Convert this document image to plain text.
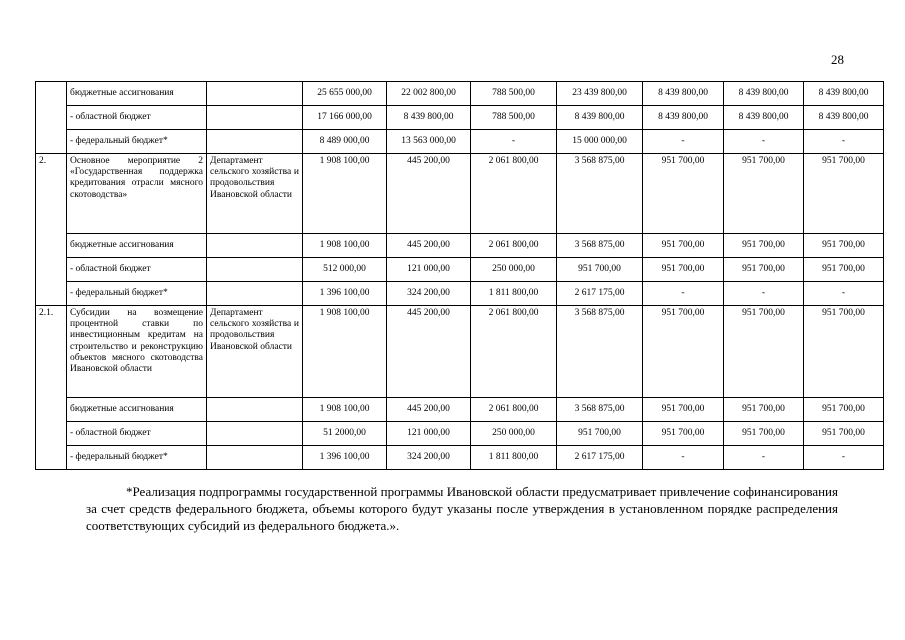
28
	бюджетные ассигнования		25 655 000,00	22 002 800,00	788 500,00	23 439 800,00	8 439 800,00	8 439 800,00	8 439 800,00
	- областной бюджет		17 166 000,00	8 439 800,00	788 500,00	8 439 800,00	8 439 800,00	8 439 800,00	8 439 800,00
	- федеральный бюджет*		8 489 000,00	13 563 000,00	-	15 000 000,00	-	-	-
2.	Основное мероприятие 2 «Государственная поддержка кредитования отрасли мясного скотоводства»	Департамент сельского хозяйства и продовольствия Ивановской области	1 908 100,00	445 200,00	2 061 800,00	3 568 875,00	951 700,00	951 700,00	951 700,00
	бюджетные ассигнования		1 908 100,00	445 200,00	2 061 800,00	3 568 875,00	951 700,00	951 700,00	951 700,00
	- областной бюджет		512 000,00	121 000,00	250 000,00	951 700,00	951 700,00	951 700,00	951 700,00
	- федеральный бюджет*		1 396 100,00	324 200,00	1 811 800,00	2 617 175,00	-	-	-
2.1.	Субсидии на возмещение процентной ставки по инвестиционным кредитам на строительство и реконструкцию объектов мясного скотоводства Ивановской области	Департамент сельского хозяйства и продовольствия Ивановской области	1 908 100,00	445 200,00	2 061 800,00	3 568 875,00	951 700,00	951 700,00	951 700,00
	бюджетные ассигнования		1 908 100,00	445 200,00	2 061 800,00	3 568 875,00	951 700,00	951 700,00	951 700,00
	- областной бюджет		51 2000,00	121 000,00	250 000,00	951 700,00	951 700,00	951 700,00	951 700,00
	- федеральный бюджет*		1 396 100,00	324 200,00	1 811 800,00	2 617 175,00	-	-	-
*Реализация подпрограммы государственной программы Ивановской области предусматривает привлечение софинансирования за счет средств федерального бюджета, объемы которого будут указаны после утверждения в установленном порядке распределения соответствующих субсидий из федерального бюджета.».
